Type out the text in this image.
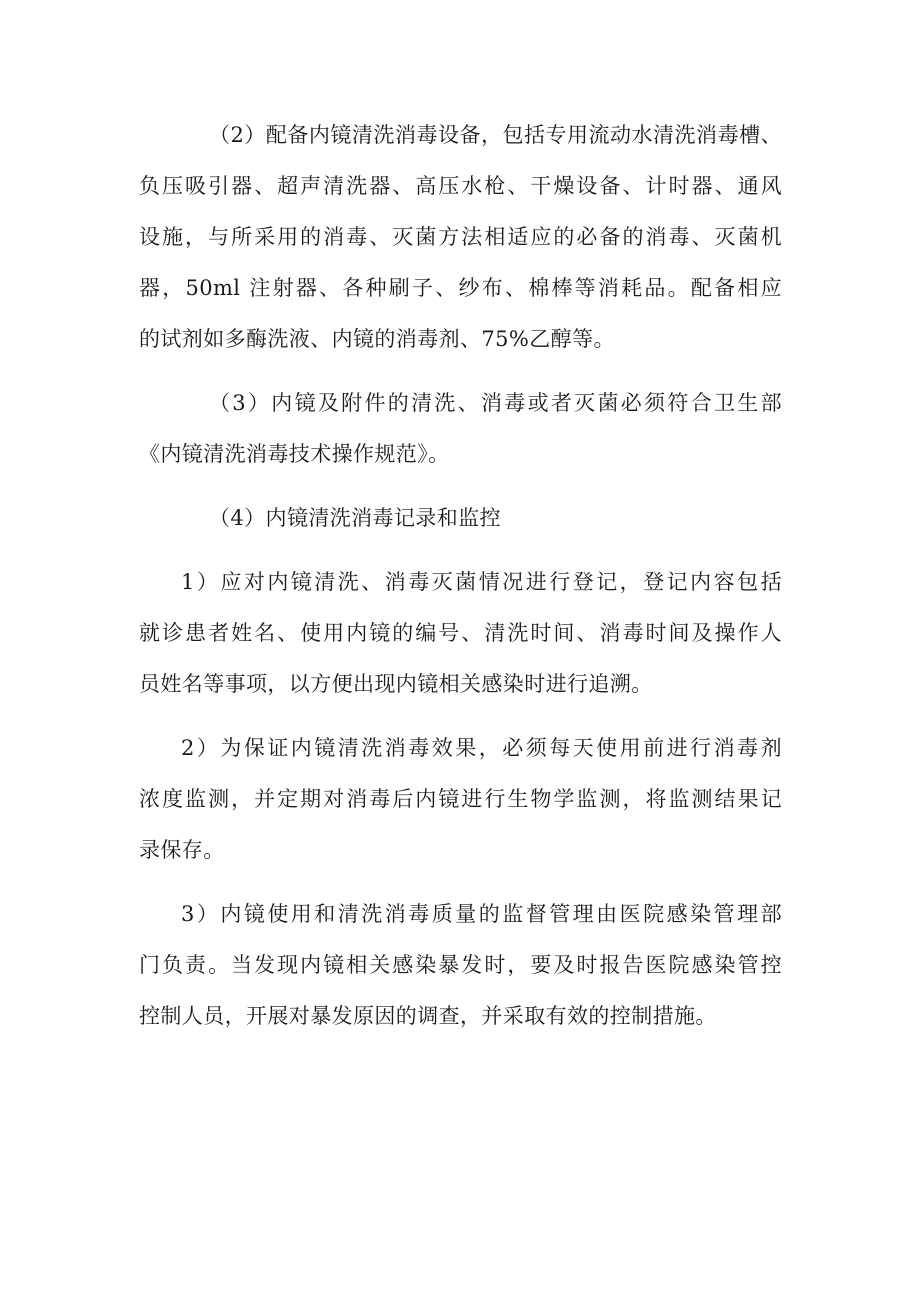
（2）配备内镜清洗消毒设备，包括专用流动水清洗消毒槽、
负压吸引器、超声清洗器、高压水枪、干燥设备、计时器、通风
设施，与所采用的消毒、灭菌方法相适应的必备的消毒、灭菌机
器，50ml 注射器、各种刷子、纱布、棉棒等消耗品。配备相应
的试剂如多酶洗液、内镜的消毒剂、75%乙醇等。

（3）内镜及附件的清洗、消毒或者灭菌必须符合卫生部
《内镜清洗消毒技术操作规范》。

（4）内镜清洗消毒记录和监控

1）应对内镜清洗、消毒灭菌情况进行登记，登记内容包括
就诊患者姓名、使用内镜的编号、清洗时间、消毒时间及操作人
员姓名等事项，以方便出现内镜相关感染时进行追溯。

2）为保证内镜清洗消毒效果，必须每天使用前进行消毒剂
浓度监测，并定期对消毒后内镜进行生物学监测，将监测结果记
录保存。

3）内镜使用和清洗消毒质量的监督管理由医院感染管理部
门负责。当发现内镜相关感染暴发时，要及时报告医院感染管控
控制人员，开展对暴发原因的调查，并采取有效的控制措施。
